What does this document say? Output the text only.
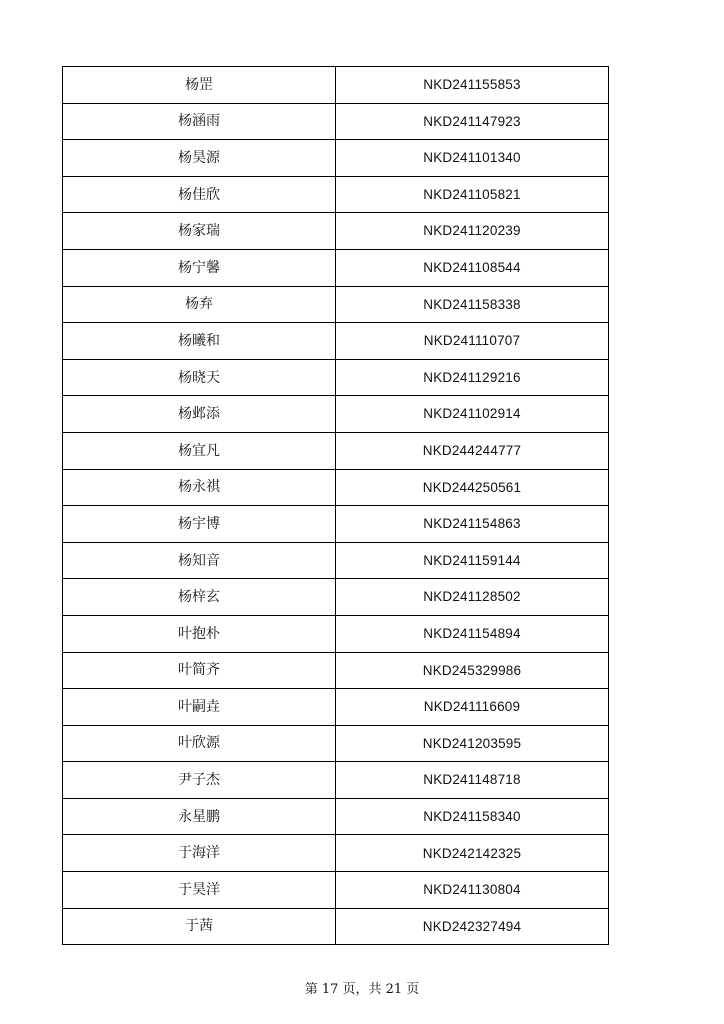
杨罡	NKD241155853
杨涵雨	NKD241147923
杨昊源	NKD241101340
杨佳欣	NKD241105821
杨家瑞	NKD241120239
杨宁馨	NKD241108544
杨弃	NKD241158338
杨曦和	NKD241110707
杨晓天	NKD241129216
杨邺添	NKD241102914
杨宜凡	NKD244244777
杨永祺	NKD244250561
杨宇博	NKD241154863
杨知音	NKD241159144
杨梓玄	NKD241128502
叶抱朴	NKD241154894
叶简齐	NKD245329986
叶嗣垚	NKD241116609
叶欣源	NKD241203595
尹子杰	NKD241148718
永星鹏	NKD241158340
于海洋	NKD242142325
于昊洋	NKD241130804
于茜	NKD242327494
第 17 页，共 21 页
